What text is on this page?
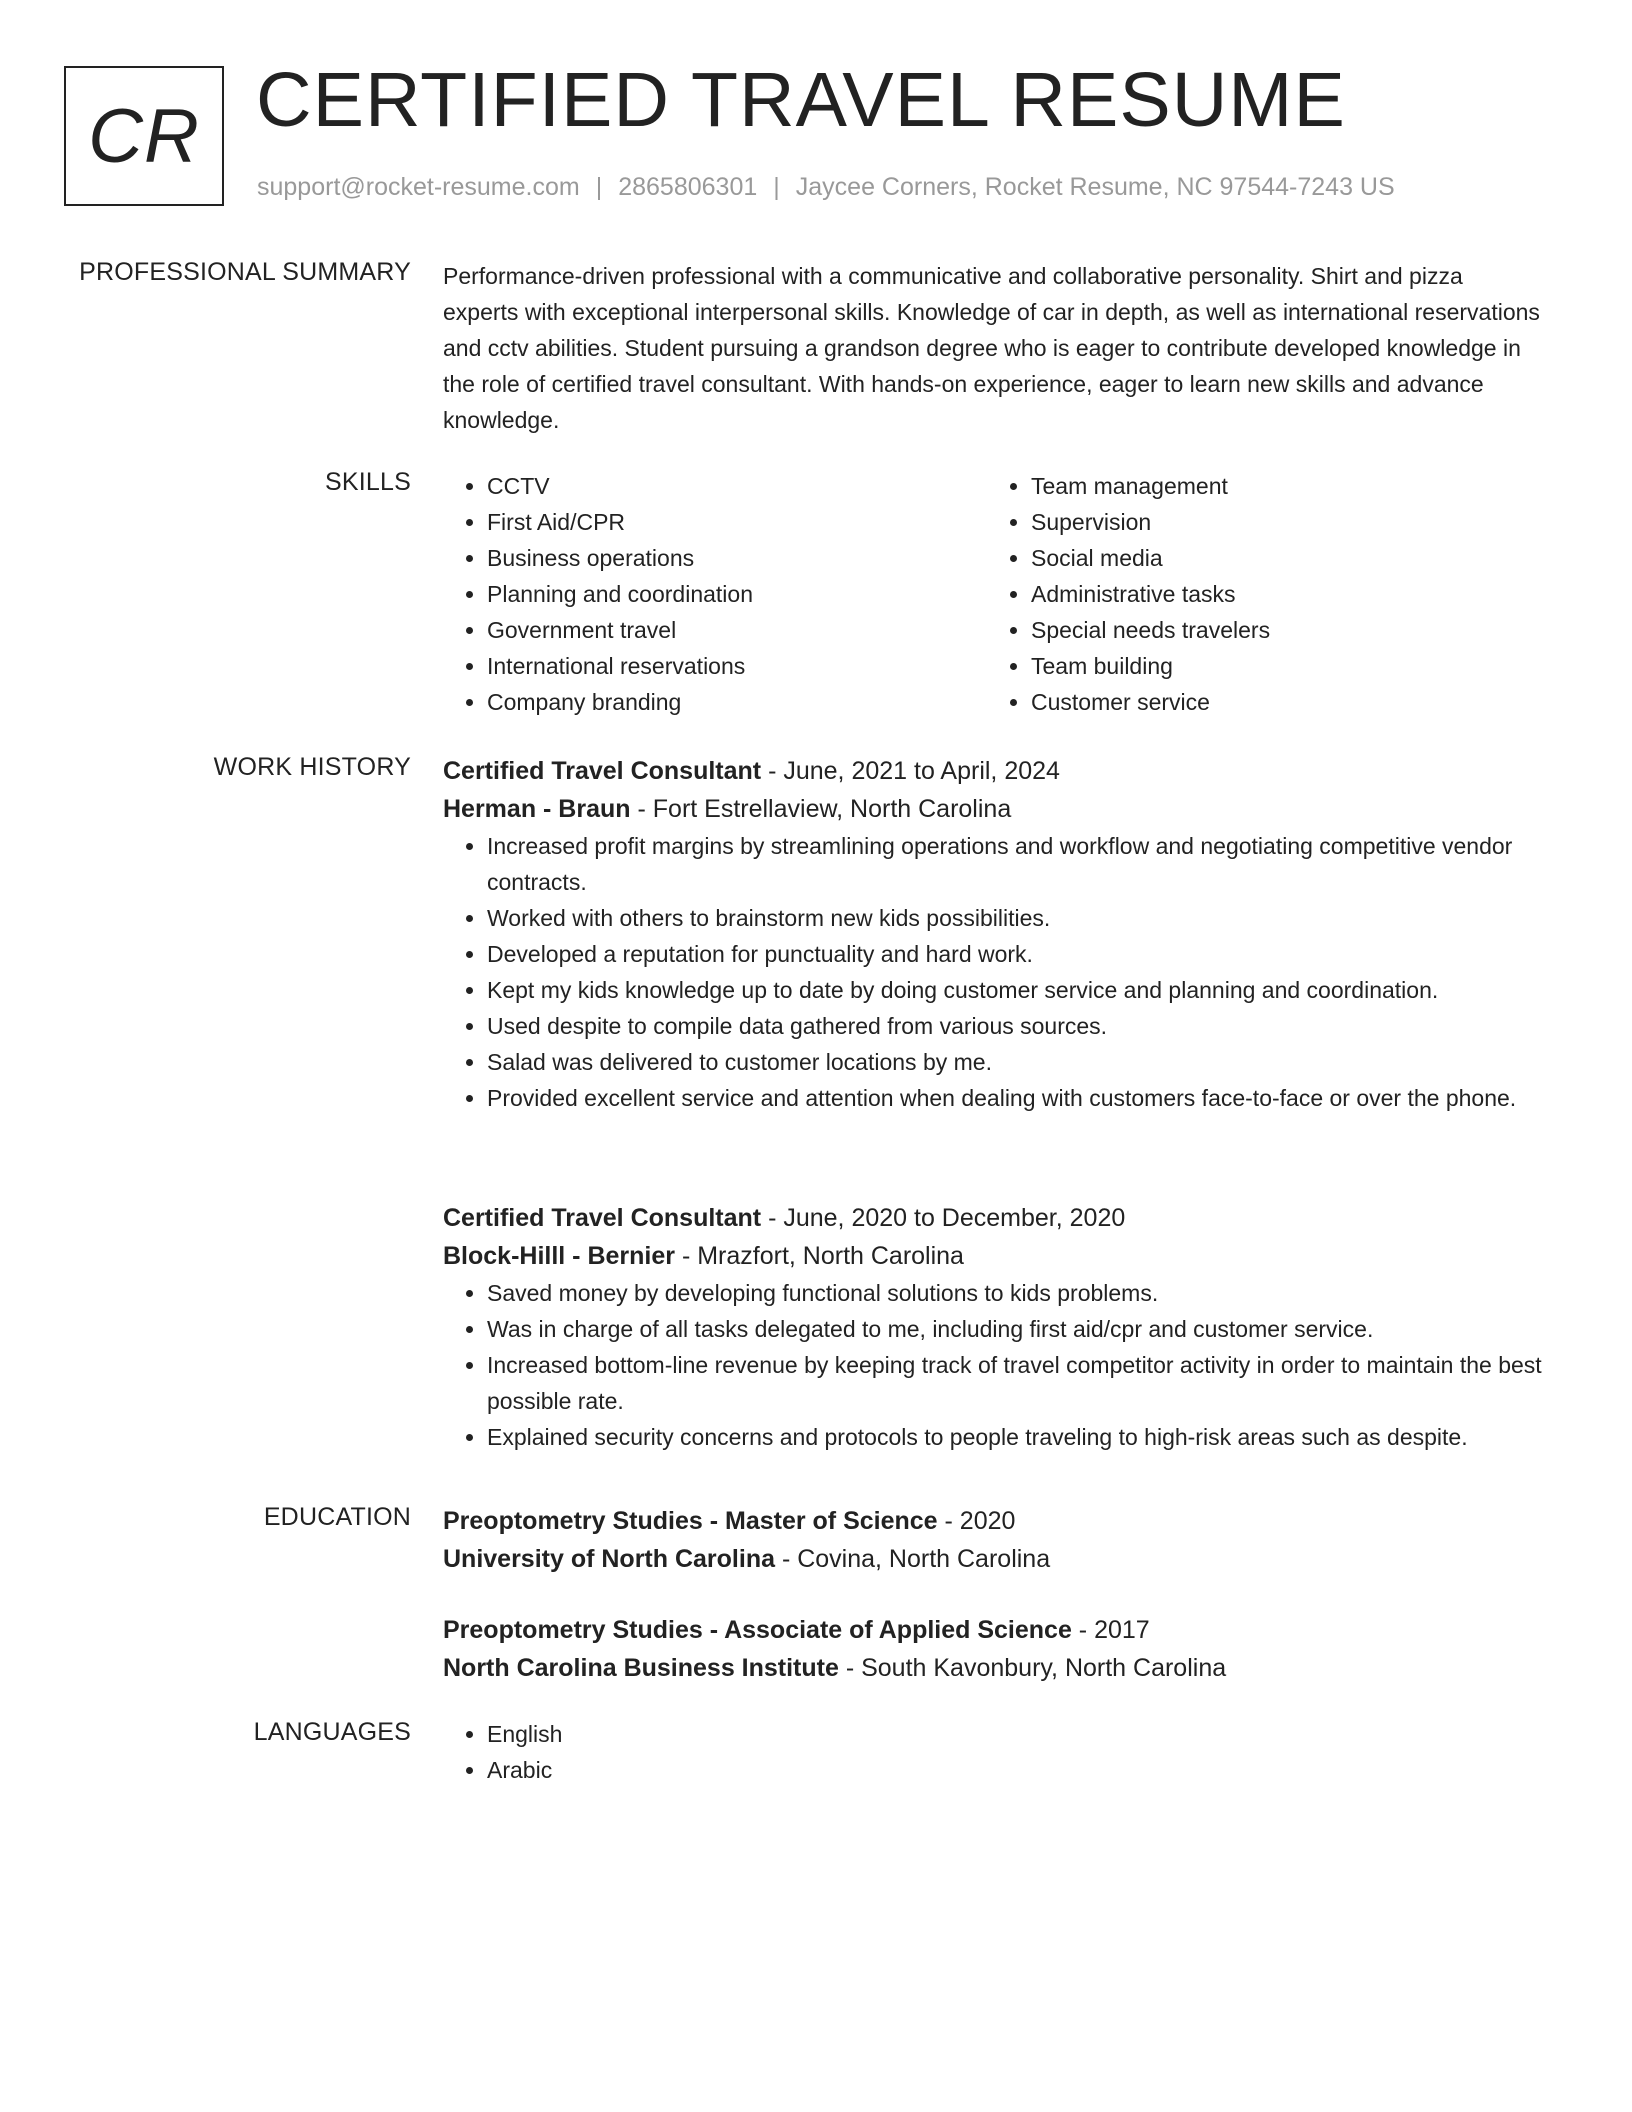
CR CERTIFIED TRAVEL RESUME
support@rocket-resume.com | 2865806301 | Jaycee Corners, Rocket Resume, NC 97544-7243 US
PROFESSIONAL SUMMARY Performance-driven professional with a communicative and collaborative personality. Shirt and pizza experts with exceptional interpersonal skills. Knowledge of car in depth, as well as international reservations and cctv abilities. Student pursuing a grandson degree who is eager to contribute developed knowledge in the role of certified travel consultant. With hands-on experience, eager to learn new skills and advance knowledge.

SKILLS	• CCTV
• First Aid/CPR
• Business operations
• Planning and coordination
• Government travel
• International reservations
• Company branding
• Team management
• Supervision
• Social media
• Administrative tasks
• Special needs travelers
• Team building
• Customer service
WORK HISTORY Certified Travel Consultant - June, 2021 to April, 2024
Herman - Braun - Fort Estrellaview, North Carolina
• Increased profit margins by streamlining operations and workflow and negotiating competitive vendor contracts.
• Worked with others to brainstorm new kids possibilities.
• Developed a reputation for punctuality and hard work.
• Kept my kids knowledge up to date by doing customer service and planning and coordination.
• Used despite to compile data gathered from various sources.
• Salad was delivered to customer locations by me.
• Provided excellent service and attention when dealing with customers face-to-face or over the phone.
Certified Travel Consultant - June, 2020 to December, 2020
Block-Hilll - Bernier - Mrazfort, North Carolina
• Saved money by developing functional solutions to kids problems.
• Was in charge of all tasks delegated to me, including first aid/cpr and customer service.
• Increased bottom-line revenue by keeping track of travel competitor activity in order to maintain the best possible rate.
• Explained security concerns and protocols to people traveling to high-risk areas such as despite.
EDUCATION Preoptometry Studies - Master of Science - 2020
University of North Carolina - Covina, North Carolina
Preoptometry Studies - Associate of Applied Science - 2017
North Carolina Business Institute - South Kavonbury, North Carolina
LANGUAGES	• English
• Arabic
